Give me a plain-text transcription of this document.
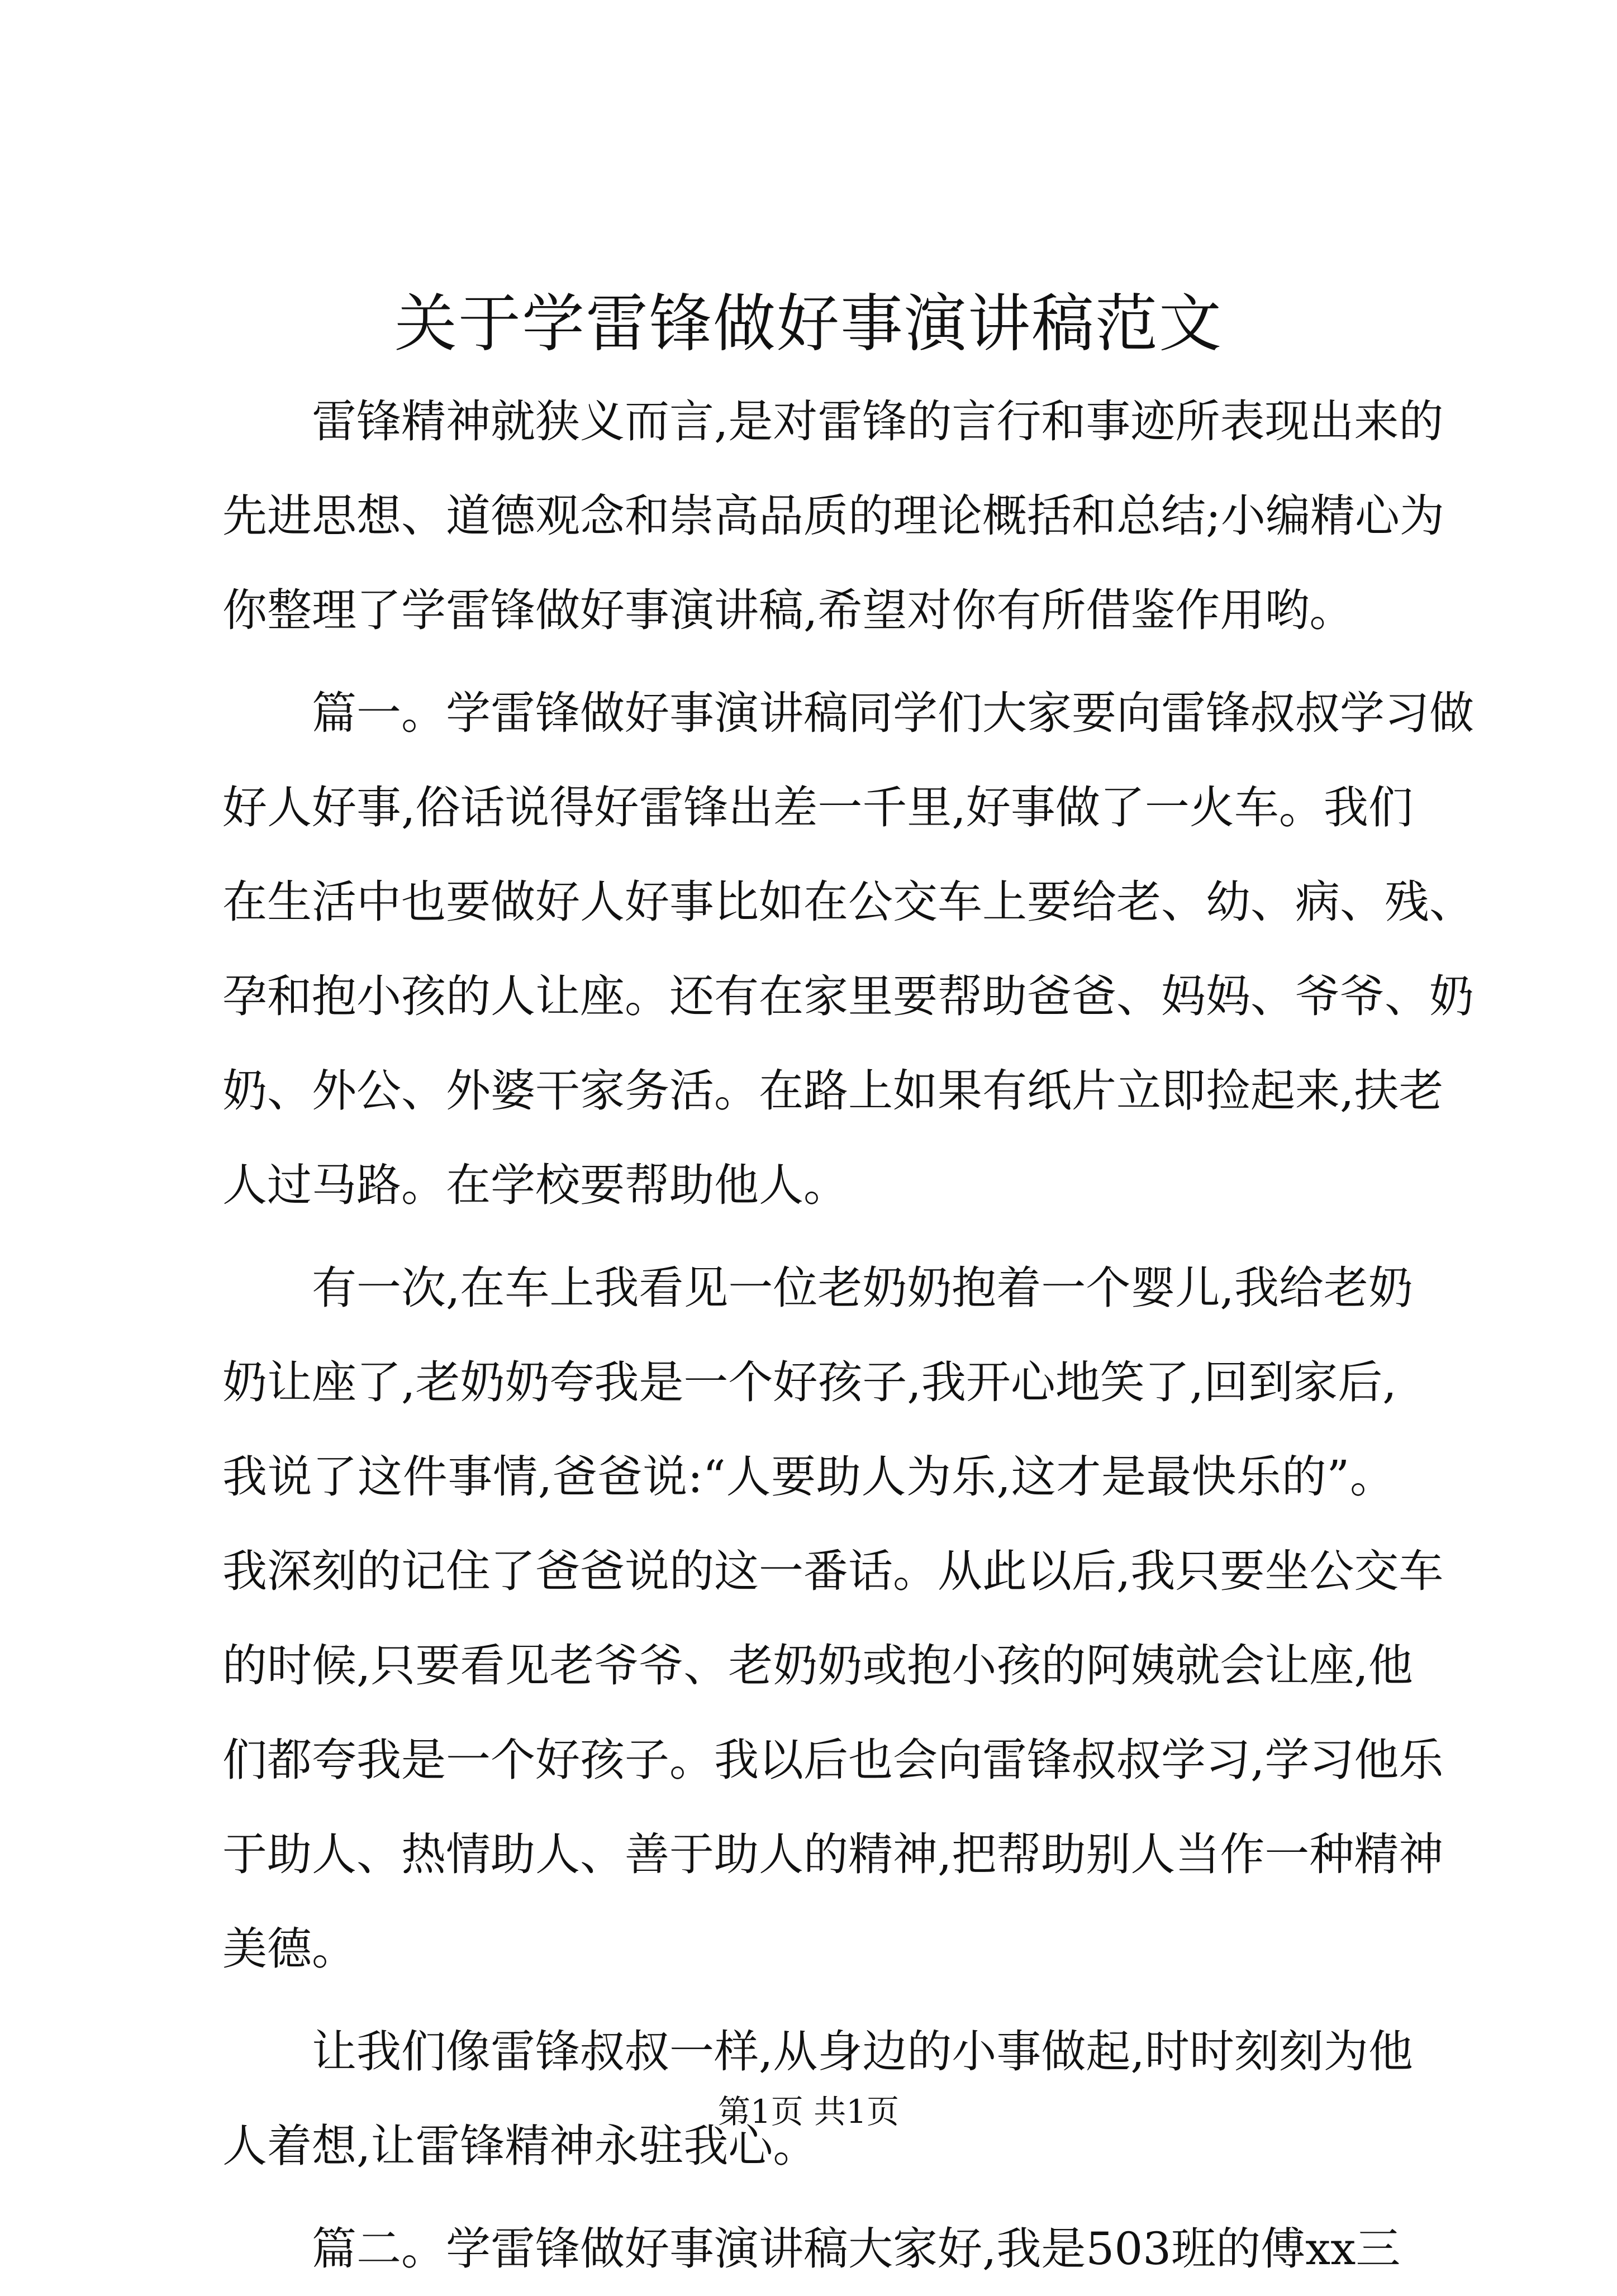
关于学雷锋做好事演讲稿范文
雷锋精神就狭义而言,是对雷锋的言行和事迹所表现出来的
先进思想、道德观念和崇高品质的理论概括和总结;小编精心为
你整理了学雷锋做好事演讲稿,希望对你有所借鉴作用哟。
篇一。学雷锋做好事演讲稿同学们大家要向雷锋叔叔学习做
好人好事,俗话说得好雷锋出差一千里,好事做了一火车。我们
在生活中也要做好人好事比如在公交车上要给老、幼、病、残、
孕和抱小孩的人让座。还有在家里要帮助爸爸、妈妈、爷爷、奶
奶、外公、外婆干家务活。在路上如果有纸片立即捡起来,扶老
人过马路。在学校要帮助他人。
有一次,在车上我看见一位老奶奶抱着一个婴儿,我给老奶
奶让座了,老奶奶夸我是一个好孩子,我开心地笑了,回到家后,
我说了这件事情,爸爸说:“人要助人为乐,这才是最快乐的”。
我深刻的记住了爸爸说的这一番话。从此以后,我只要坐公交车
的时候,只要看见老爷爷、老奶奶或抱小孩的阿姨就会让座,他
们都夸我是一个好孩子。我以后也会向雷锋叔叔学习,学习他乐
于助人、热情助人、善于助人的精神,把帮助别人当作一种精神
美德。
让我们像雷锋叔叔一样,从身边的小事做起,时时刻刻为他
人着想,让雷锋精神永驻我心。
篇二。学雷锋做好事演讲稿大家好,我是503班的傅xx三
第1页 共1页
